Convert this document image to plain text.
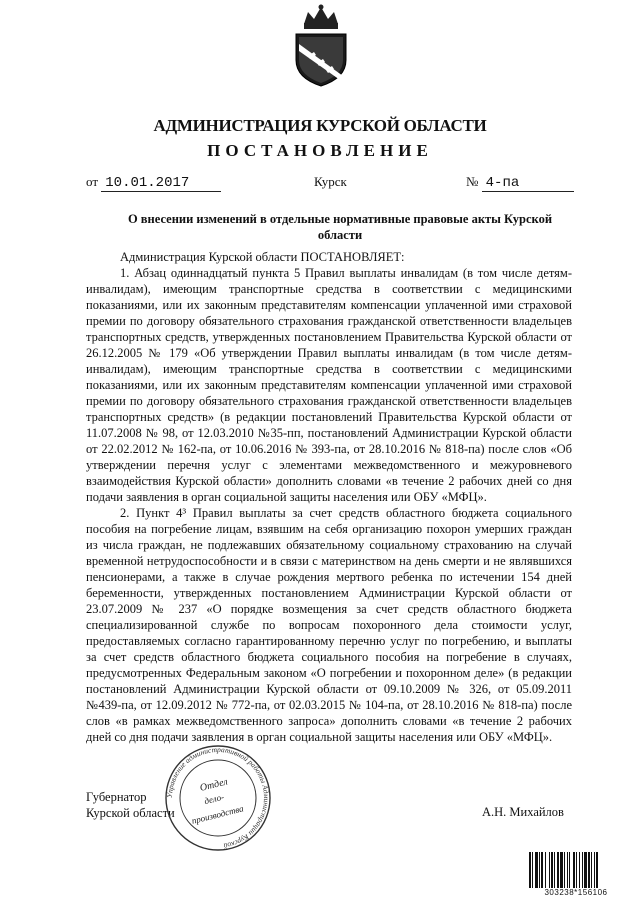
АДМИНИСТРАЦИЯ КУРСКОЙ ОБЛАСТИ
ПОСТАНОВЛЕНИЕ
от 10.01.2017	Курск	№ 4-па
О внесении изменений в отдельные нормативные правовые акты Курской области

Администрация Курской области ПОСТАНОВЛЯЕТ:

1. Абзац одиннадцатый пункта 5 Правил выплаты инвалидам (в том числе детям-инвалидам), имеющим транспортные средства в соответствии с медицинскими показаниями, или их законным представителям компенсации уплаченной ими страховой премии по договору обязательного страхования гражданской ответственности владельцев транспортных средств, утвержденных постановлением Правительства Курской области от 26.12.2005 № 179 «Об утверждении Правил выплаты инвалидам (в том числе детям-инвалидам), имеющим транспортные средства в соответствии с медицинскими показаниями, или их законным представителям компенсации уплаченной ими страховой премии по договору обязательного страхования гражданской ответственности владельцев транспортных средств» (в редакции постановлений Правительства Курской области от 11.07.2008 № 98, от 12.03.2010 №35-пп, постановлений Администрации Курской области от 22.02.2012 № 162-па, от 10.06.2016 № 393-па, от 28.10.2016 № 818-па) после слов «Об утверждении перечня услуг с элементами межведомственного и межуровневого взаимодействия Курской области» дополнить словами «в течение 2 рабочих дней со дня подачи заявления в орган социальной защиты населения или ОБУ «МФЦ».

2. Пункт 4³ Правил выплаты за счет средств областного бюджета социального пособия на погребение лицам, взявшим на себя организацию похорон умерших граждан из числа граждан, не подлежавших обязательному социальному страхованию на случай временной нетрудоспособности и в связи с материнством на день смерти и не являвшихся пенсионерами, а также в случае рождения мертвого ребенка по истечении 154 дней беременности, утвержденных постановлением Администрации Курской области от 23.07.2009 № 237 «О порядке возмещения за счет средств областного бюджета специализированной службе по вопросам похоронного дела стоимости услуг, предоставляемых согласно гарантированному перечню услуг по погребению, и выплаты за счет средств областного бюджета социального пособия на погребение в случаях, предусмотренных Федеральным законом «О погребении и похоронном деле» (в редакции постановлений Администрации Курской области от 09.10.2009 № 326, от 05.09.2011 №439-па, от 12.09.2012 № 772-па, от 02.03.2015 № 104-па, от 28.10.2016 № 818-па) после слов «в рамках межведомственного запроса» дополнить словами «в течение 2 рабочих дней со дня подачи заявления в орган социальной защиты населения или ОБУ «МФЦ».

Губернатор
Курской области	А.Н. Михайлов
Управление административной работы Администрации Курской
Отдел
дело-
производства
303238*156106
